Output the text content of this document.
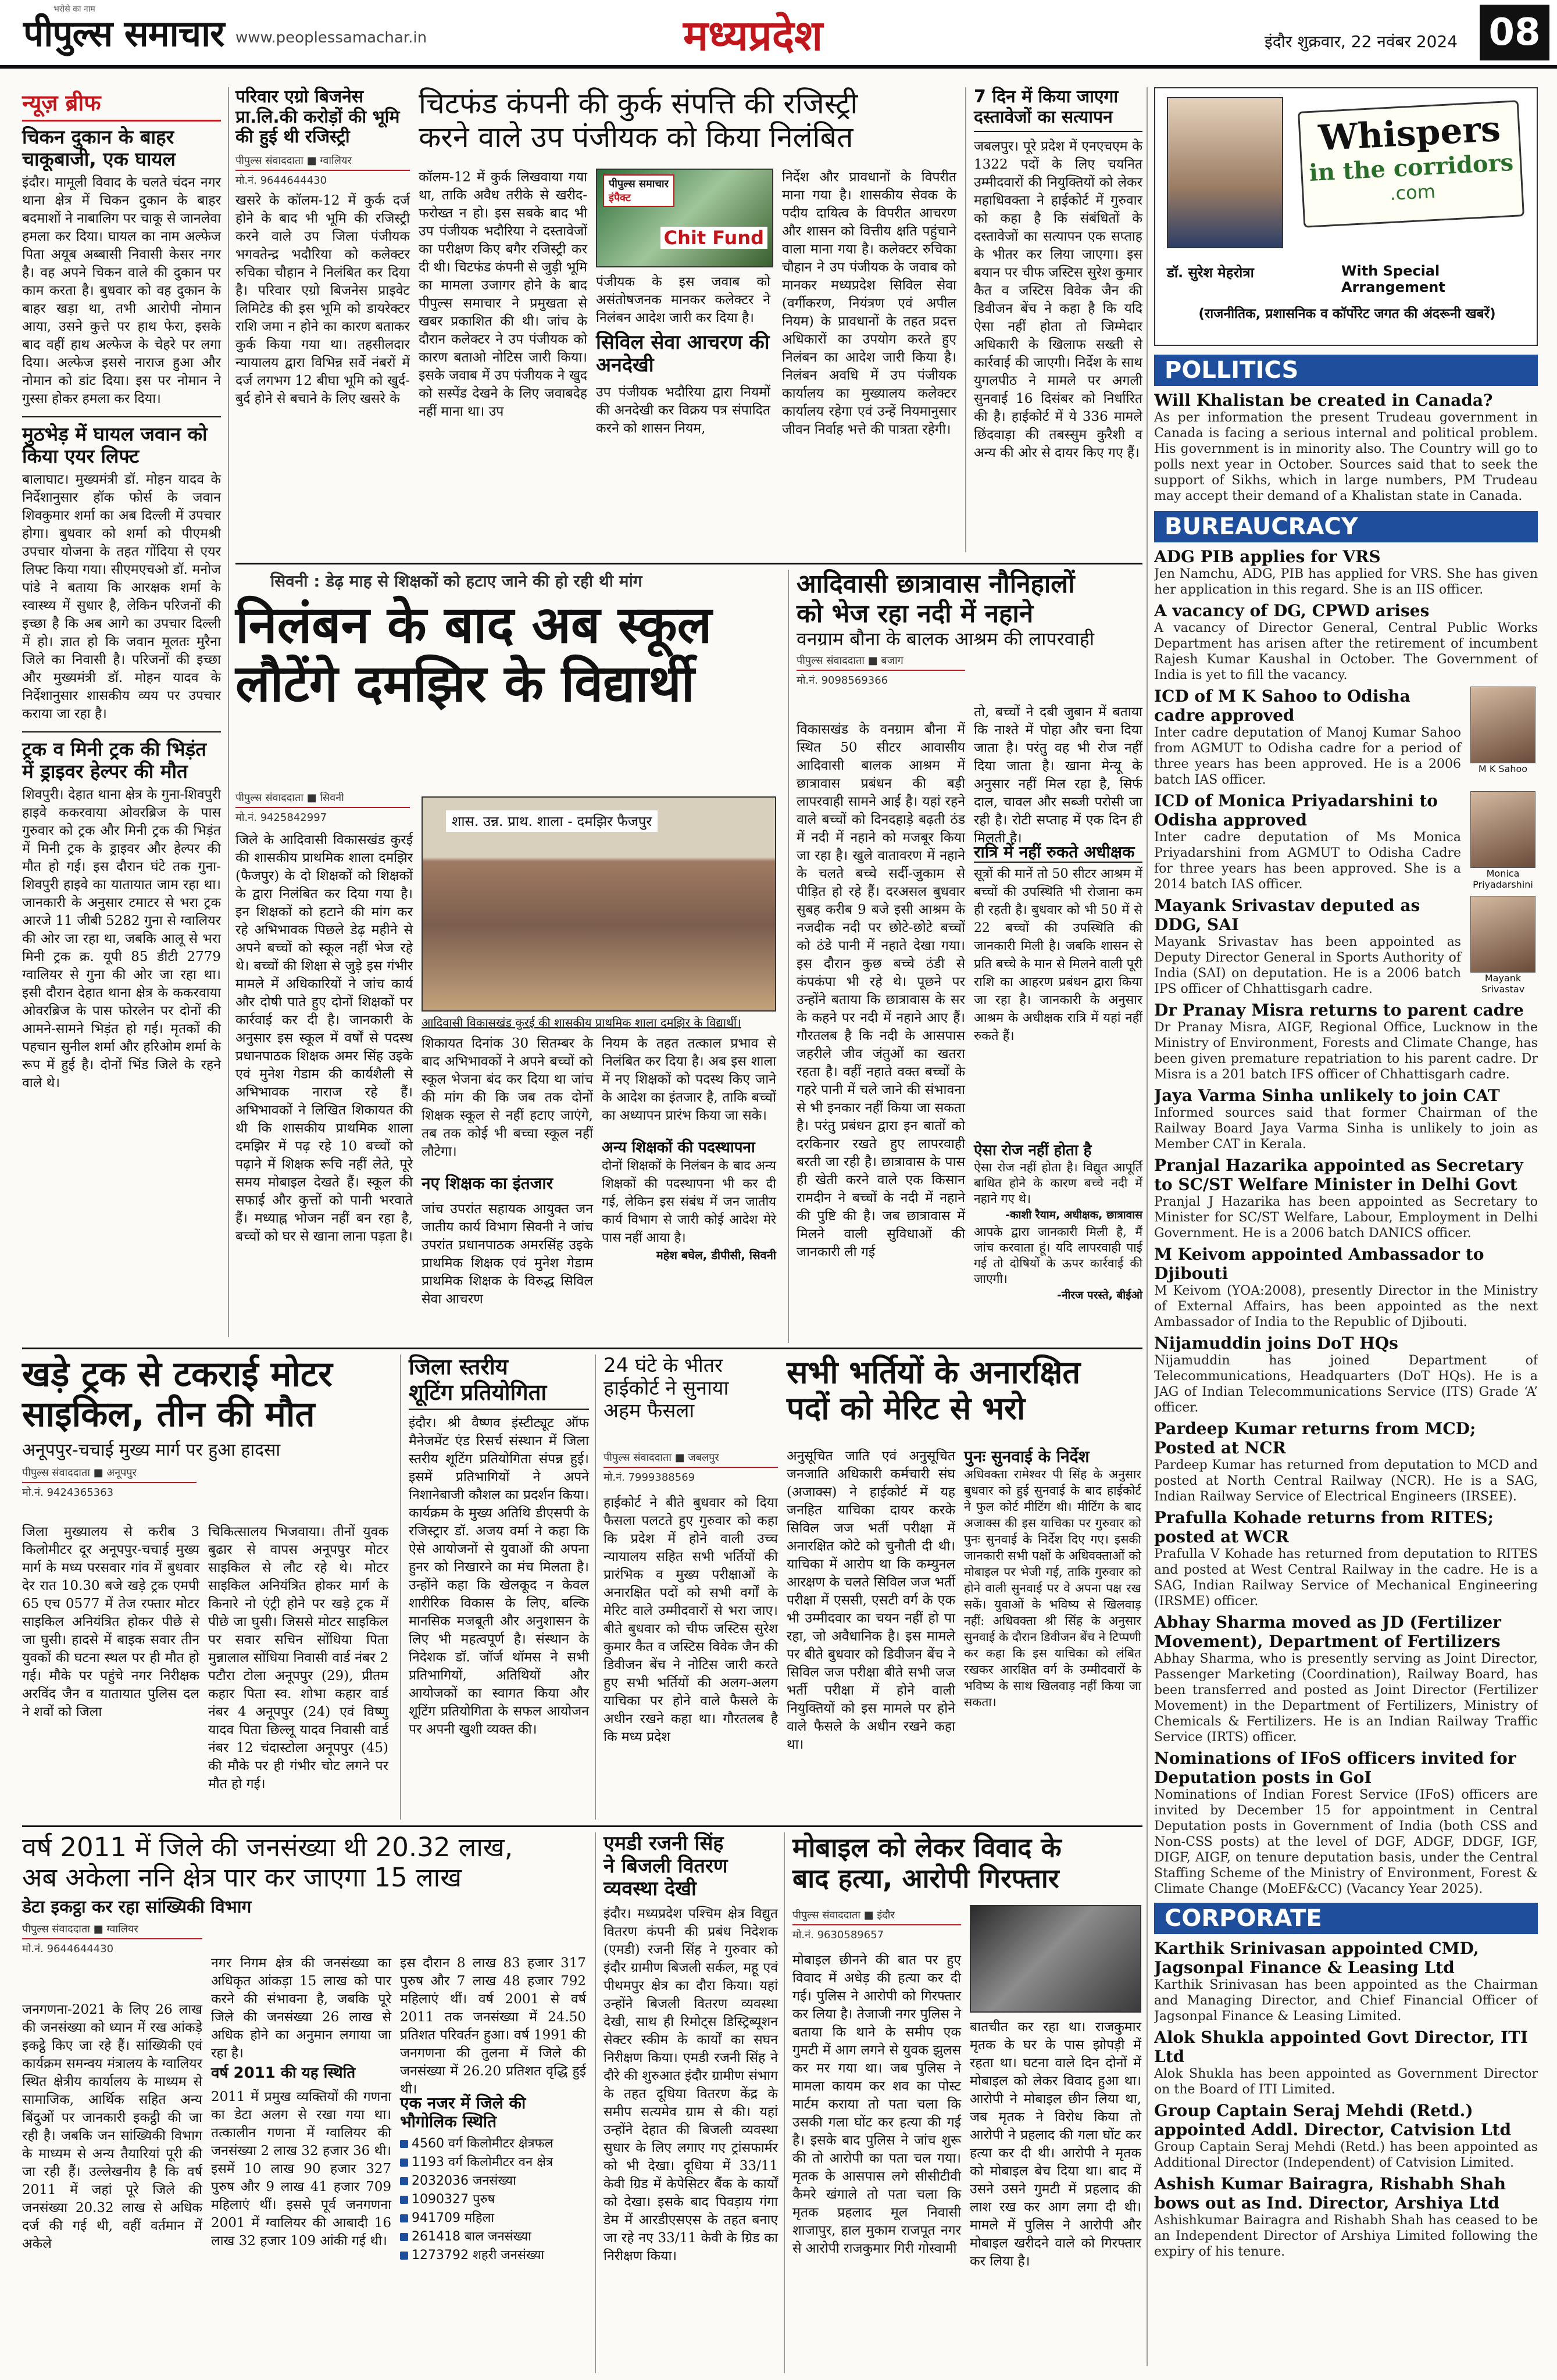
भरोसे का नाम
पीपुल्स समाचार www.peoplessamachar.in	मध्यप्रदेश	इंदौर शुक्रवार, 22 नवंबर 2024 08
न्यूज़ ब्रीफ
चिकन दुकान के बाहर चाकूबाजी, एक घायल
इंदौर। मामूली विवाद के चलते चंदन नगर थाना क्षेत्र में चिकन दुकान के बाहर बदमाशों ने नाबालिग पर चाकू से जानलेवा हमला कर दिया। घायल का नाम अल्फेज पिता अयूब अब्बासी निवासी केसर नगर है। वह अपने चिकन वाले की दुकान पर काम करता है। बुधवार को वह दुकान के बाहर खड़ा था, तभी आरोपी नोमान आया, उसने कुत्ते पर हाथ फेरा, इसके बाद वहीं हाथ अल्फेज के चेहरे पर लगा दिया। अल्फेज इससे नाराज हुआ और नोमान को डांट दिया। इस पर नोमान ने गुस्सा होकर हमला कर दिया।
मुठभेड़ में घायल जवान को किया एयर लिफ्ट
बालाघाट। मुख्यमंत्री डॉ. मोहन यादव के निर्देशानुसार हॉक फोर्स के जवान शिवकुमार शर्मा का अब दिल्ली में उपचार होगा। बुधवार को शर्मा को पीएमश्री उपचार योजना के तहत गोंदिया से एयर लिफ्ट किया गया। सीएमएचओ डॉ. मनोज पांडे ने बताया कि आरक्षक शर्मा के स्वास्थ्य में सुधार है, लेकिन परिजनों की इच्छा है कि अब आगे का उपचार दिल्ली में हो। ज्ञात हो कि जवान मूलतः मुरैना जिले का निवासी है। परिजनों की इच्छा और मुख्यमंत्री डॉ. मोहन यादव के निर्देशानुसार शासकीय व्यय पर उपचार कराया जा रहा है।
ट्रक व मिनी ट्रक की भिड़ंत में ड्राइवर हेल्पर की मौत
शिवपुरी। देहात थाना क्षेत्र के गुना-शिवपुरी हाइवे ककरवाया ओवरब्रिज के पास गुरुवार को ट्रक और मिनी ट्रक की भिड़ंत में मिनी ट्रक के ड्राइवर और हेल्पर की मौत हो गई। इस दौरान घंटे तक गुना-शिवपुरी हाइवे का यातायात जाम रहा था। जानकारी के अनुसार टमाटर से भरा ट्रक आरजे 11 जीबी 5282 गुना से ग्वालियर की ओर जा रहा था, जबकि आलू से भरा मिनी ट्रक क्र. यूपी 85 डीटी 2779 ग्वालियर से गुना की ओर जा रहा था। इसी दौरान देहात थाना क्षेत्र के ककरवाया ओवरब्रिज के पास फोरलेन पर दोनों की आमने-सामने भिड़ंत हो गई। मृतकों की पहचान सुनील शर्मा और हरिओम शर्मा के रूप में हुई है। दोनों भिंड जिले के रहने वाले थे।
परिवार एग्रो बिजनेस प्रा.लि.की करोड़ों की भूमि की हुई थी रजिस्ट्री
पीपुल्स संवाददाता ■ ग्वालियर
मो.नं. 9644644430
खसरे के कॉलम-12 में कुर्क दर्ज होने के बाद भी भूमि की रजिस्ट्री करने वाले उप जिला पंजीयक भगवतेन्द्र भदौरिया को कलेक्टर रुचिका चौहान ने निलंबित कर दिया है। परिवार एग्रो बिजनेस प्राइवेट लिमिटेड की इस भूमि को डायरेक्टर राशि जमा न होने का कारण बताकर कुर्क किया गया था। तहसीलदार न्यायालय द्वारा विभिन्न सर्वे नंबरों में दर्ज लगभग 12 बीघा भूमि को खुर्द-बुर्द होने से बचाने के लिए खसरे के
चिटफंड कंपनी की कुर्क संपत्ति की रजिस्ट्री
करने वाले उप पंजीयक को किया निलंबित
कॉलम-12 में कुर्क लिखवाया गया था, ताकि अवैध तरीके से खरीद-फरोख्त न हो। इस सबके बाद भी उप पंजीयक भदौरिया ने दस्तावेजों का परीक्षण किए बगैर रजिस्ट्री कर दी थी। चिटफंड कंपनी से जुड़ी भूमि का मामला उजागर होने के बाद पीपुल्स समाचार ने प्रमुखता से खबर प्रकाशित की थी। जांच के दौरान कलेक्टर ने उप पंजीयक को कारण बताओ नोटिस जारी किया। इसके जवाब में उप पंजीयक ने खुद को सस्पेंड देखने के लिए जवाबदेह नहीं माना था। उप
Chit Fund
पीपुल्स समाचार
इंपैक्ट
पंजीयक के इस जवाब को असंतोषजनक मानकर कलेक्टर ने निलंबन आदेश जारी कर दिया है।
सिविल सेवा आचरण की अनदेखी
उप पंजीयक भदौरिया द्वारा नियमों की अनदेखी कर विक्रय पत्र संपादित करने को शासन नियम,
निर्देश और प्रावधानों के विपरीत माना गया है। शासकीय सेवक के पदीय दायित्व के विपरीत आचरण और शासन को वित्तीय क्षति पहुंचाने वाला माना गया है। कलेक्टर रुचिका चौहान ने उप पंजीयक के जवाब को मानकर मध्यप्रदेश सिविल सेवा (वर्गीकरण, नियंत्रण एवं अपील नियम) के प्रावधानों के तहत प्रदत्त अधिकारों का उपयोग करते हुए निलंबन का आदेश जारी किया है। निलंबन अवधि में उप पंजीयक कार्यालय का मुख्यालय कलेक्टर कार्यालय रहेगा एवं उन्हें नियमानुसार जीवन निर्वाह भत्ते की पात्रता रहेगी।
7 दिन में किया जाएगा दस्तावेजों का सत्यापन
जबलपुर। पूरे प्रदेश में एनएचएम के 1322 पदों के लिए चयनित उम्मीदवारों की नियुक्तियों को लेकर महाधिवक्ता ने हाईकोर्ट में गुरुवार को कहा है कि संबंधितों के दस्तावेजों का सत्यापन एक सप्ताह के भीतर कर लिया जाएगा। इस बयान पर चीफ जस्टिस सुरेश कुमार कैत व जस्टिस विवेक जैन की डिवीजन बेंच ने कहा है कि यदि ऐसा नहीं होता तो जिम्मेदार अधिकारी के खिलाफ सख्ती से कार्रवाई की जाएगी। निर्देश के साथ युगलपीठ ने मामले पर अगली सुनवाई 16 दिसंबर को निर्धारित की है। हाईकोर्ट में ये 336 मामले छिंदवाड़ा की तबस्सुम कुरैशी व अन्य की ओर से दायर किए गए हैं।
Whispers
in the corridors
.com
डॉ. सुरेश मेहरोत्रा	With Special Arrangement
(राजनीतिक, प्रशासनिक व कॉर्पोरेट जगत की अंदरूनी खबरें)
POLLITICS
Will Khalistan be created in Canada?
As per information the present Trudeau government in Canada is facing a serious internal and political problem. His government is in minority also. The Country will go to polls next year in October. Sources said that to seek the support of Sikhs, which in large numbers, PM Trudeau may accept their demand of a Khalistan state in Canada.
BUREAUCRACY
ADG PIB applies for VRS
Jen Namchu, ADG, PIB has applied for VRS. She has given her application in this regard. She is an IIS officer.
A vacancy of DG, CPWD arises
A vacancy of Director General, Central Public Works Department has arisen after the retirement of incumbent Rajesh Kumar Kaushal in October. The Government of India is yet to fill the vacancy.
ICD of M K Sahoo to Odisha cadre approved
Inter cadre deputation of Manoj Kumar Sahoo from AGMUT to Odisha cadre for a period of three years has been approved. He is a 2006 batch IAS officer.
M K Sahoo
ICD of Monica Priyadarshini to Odisha approved
Inter cadre deputation of Ms Monica Priyadarshini from AGMUT to Odisha Cadre for three years has been approved. She is a 2014 batch IAS officer.
Monica Priyadarshini
Mayank Srivastav deputed as DDG, SAI
Mayank Srivastav has been appointed as Deputy Director General in Sports Authority of India (SAI) on deputation. He is a 2006 batch IPS officer of Chhattisgarh cadre.
Mayank Srivastav
Dr Pranay Misra returns to parent cadre
Dr Pranay Misra, AIGF, Regional Office, Lucknow in the Ministry of Environment, Forests and Climate Change, has been given premature repatriation to his parent cadre. Dr Misra is a 201 batch IFS officer of Chhattisgarh cadre.
Jaya Varma Sinha unlikely to join CAT
Informed sources said that former Chairman of the Railway Board Jaya Varma Sinha is unlikely to join as Member CAT in Kerala.
Pranjal Hazarika appointed as Secretary to SC/ST Welfare Minister in Delhi Govt
Pranjal J Hazarika has been appointed as Secretary to Minister for SC/ST Welfare, Labour, Employment in Delhi Government. He is a 2006 batch DANICS officer.
M Keivom appointed Ambassador to Djibouti
M Keivom (YOA:2008), presently Director in the Ministry of External Affairs, has been appointed as the next Ambassador of India to the Republic of Djibouti.
Nijamuddin joins DoT HQs
Nijamuddin has joined Department of Telecommunications, Headquarters (DoT HQs). He is a JAG of Indian Telecommunications Service (ITS) Grade ‘A’ officer.
Pardeep Kumar returns from MCD; Posted at NCR
Pardeep Kumar has returned from deputation to MCD and posted at North Central Railway (NCR). He is a SAG, Indian Railway Service of Electrical Engineers (IRSEE).
Prafulla Kohade returns from RITES; posted at WCR
Prafulla V Kohade has returned from deputation to RITES and posted at West Central Railway in the cadre. He is a SAG, Indian Railway Service of Mechanical Engineering (IRSME) officer.
Abhay Sharma moved as JD (Fertilizer Movement), Department of Fertilizers
Abhay Sharma, who is presently serving as Joint Director, Passenger Marketing (Coordination), Railway Board, has been transferred and posted as Joint Director (Fertilizer Movement) in the Department of Fertilizers, Ministry of Chemicals & Fertilizers. He is an Indian Railway Traffic Service (IRTS) officer.
Nominations of IFoS officers invited for Deputation posts in GoI
Nominations of Indian Forest Service (IFoS) officers are invited by December 15 for appointment in Central Deputation posts in Government of India (both CSS and Non-CSS posts) at the level of DGF, ADGF, DDGF, IGF, DIGF, AIGF, on tenure deputation basis, under the Central Staffing Scheme of the Ministry of Environment, Forest & Climate Change (MoEF&CC) (Vacancy Year 2025).
CORPORATE
Karthik Srinivasan appointed CMD, Jagsonpal Finance & Leasing Ltd
Karthik Srinivasan has been appointed as the Chairman and Managing Director, and Chief Financial Officer of Jagsonpal Finance & Leasing Limited.
Alok Shukla appointed Govt Director, ITI Ltd
Alok Shukla has been appointed as Government Director on the Board of ITI Limited.
Group Captain Seraj Mehdi (Retd.) appointed Addl. Director, Catvision Ltd
Group Captain Seraj Mehdi (Retd.) has been appointed as Additional Director (Independent) of Catvision Limited.
Ashish Kumar Bairagra, Rishabh Shah bows out as Ind. Director, Arshiya Ltd
Ashishkumar Bairagra and Rishabh Shah has ceased to be an Independent Director of Arshiya Limited following the expiry of his tenure.
सिवनी : डेढ़ माह से शिक्षकों को हटाए जाने की हो रही थी मांग
निलंबन के बाद अब स्कूल
लौटेंगे दमझिर के विद्यार्थी
पीपुल्स संवाददाता ■ सिवनी
मो.नं. 9425842997
जिले के आदिवासी विकासखंड कुरई की शासकीय प्राथमिक शाला दमझिर (फैजपुर) के दो शिक्षकों को शिक्षकों के द्वारा निलंबित कर दिया गया है। इन शिक्षकों को हटाने की मांग कर रहे अभिभावक पिछले डेढ़ महीने से अपने बच्चों को स्कूल नहीं भेज रहे थे। बच्चों की शिक्षा से जुड़े इस गंभीर मामले में अधिकारियों ने जांच कार्य और दोषी पाते हुए दोनों शिक्षकों पर कार्रवाई कर दी है। जानकारी के अनुसार इस स्कूल में वर्षों से पदस्थ प्रधानपाठक शिक्षक अमर सिंह उइके एवं मुनेश गेडाम की कार्यशैली से अभिभावक नाराज रहे हैं। अभिभावकों ने लिखित शिकायत की थी कि शासकीय प्राथमिक शाला दमझिर में पढ़ रहे 10 बच्चों को पढ़ाने में शिक्षक रूचि नहीं लेते, पूरे समय मोबाइल देखते हैं। स्कूल की सफाई और कुत्तों को पानी भरवाते हैं। मध्याह्न भोजन नहीं बन रहा है, बच्चों को घर से खाना लाना पड़ता है।
शास. उन्न. प्राथ. शाला - दमझिर फैजपुर
आदिवासी विकासखंड कुरई की शासकीय प्राथमिक शाला दमझिर के विद्यार्थी।
शिकायत दिनांक 30 सितम्बर के बाद अभिभावकों ने अपने बच्चों को स्कूल भेजना बंद कर दिया था जांच की मांग की कि जब तक दोनों शिक्षक स्कूल से नहीं हटाए जाएंगे, तब तक कोई भी बच्चा स्कूल नहीं लौटेगा।
नए शिक्षक का इंतजार
जांच उपरांत सहायक आयुक्त जन जातीय कार्य विभाग सिवनी ने जांच उपरांत प्रधानपाठक अमरसिंह उइके प्राथमिक शिक्षक एवं मुनेश गेडाम प्राथमिक शिक्षक के विरुद्ध सिविल सेवा आचरण
नियम के तहत तत्काल प्रभाव से निलंबित कर दिया है। अब इस शाला में नए शिक्षकों को पदस्थ किए जाने के आदेश का इंतजार है, ताकि बच्चों का अध्यापन प्रारंभ किया जा सके।
अन्य शिक्षकों की पदस्थापना
दोनों शिक्षकों के निलंबन के बाद अन्य शिक्षकों की पदस्थापना भी कर दी गई, लेकिन इस संबंध में जन जातीय कार्य विभाग से जारी कोई आदेश मेरे पास नहीं आया है।
महेश बघेल, डीपीसी, सिवनी
आदिवासी छात्रावास नौनिहालों
को भेज रहा नदी में नहाने
वनग्राम बौना के बालक आश्रम की लापरवाही
पीपुल्स संवाददाता ■ बजाग
मो.नं. 9098569366
विकासखंड के वनग्राम बौना में स्थित 50 सीटर आवासीय आदिवासी बालक आश्रम में छात्रावास प्रबंधन की बड़ी लापरवाही सामने आई है। यहां रहने वाले बच्चों को दिनदहाड़े बढ़ती ठंड में नदी में नहाने को मजबूर किया जा रहा है। खुले वातावरण में नहाने के चलते बच्चे सर्दी-जुकाम से पीड़ित हो रहे हैं। दरअसल बुधवार सुबह करीब 9 बजे इसी आश्रम के नजदीक नदी पर छोटे-छोटे बच्चों को ठंडे पानी में नहाते देखा गया। इस दौरान कुछ बच्चे ठंडी से कंपकंपा भी रहे थे। पूछने पर उन्होंने बताया कि छात्रावास के सर के कहने पर नदी में नहाने आए हैं। गौरतलब है कि नदी के आसपास जहरीले जीव जंतुओं का खतरा रहता है। वहीं नहाते वक्त बच्चों के गहरे पानी में चले जाने की संभावना से भी इनकार नहीं किया जा सकता है। परंतु प्रबंधन द्वारा इन बातों को दरकिनार रखते हुए लापरवाही बरती जा रही है। छात्रावास के पास ही खेती करने वाले एक किसान रामदीन ने बच्चों के नदी में नहाने की पुष्टि की है। जब छात्रावास में मिलने वाली सुविधाओं की जानकारी ली गई
तो, बच्चों ने दबी जुबान में बताया कि नाश्ते में पोहा और चना दिया जाता है। परंतु वह भी रोज नहीं दिया जाता है। खाना मेन्यू के अनुसार नहीं मिल रहा है, सिर्फ दाल, चावल और सब्जी परोसी जा रही है। रोटी सप्ताह में एक दिन ही मिलती है।
रात्रि में नहीं रुकते अधीक्षक
सूत्रों की मानें तो 50 सीटर आश्रम में बच्चों की उपस्थिति भी रोजाना कम ही रहती है। बुधवार को भी 50 में से 22 बच्चों की उपस्थिति की जानकारी मिली है। जबकि शासन से प्रति बच्चे के मान से मिलने वाली पूरी राशि का आहरण प्रबंधन द्वारा किया जा रहा है। जानकारी के अनुसार आश्रम के अधीक्षक रात्रि में यहां नहीं रुकते हैं।
ऐसा रोज नहीं होता है
ऐसा रोज नहीं होता है। विद्युत आपूर्ति बाधित होने के कारण बच्चे नदी में नहाने गए थे।
-काशी रैयाम, अधीक्षक, छात्रावास
आपके द्वारा जानकारी मिली है, मैं जांच करवाता हूं। यदि लापरवाही पाई गई तो दोषियों के ऊपर कार्रवाई की जाएगी।
-नीरज परस्ते, बीईओ
खड़े ट्रक से टकराई मोटर
साइकिल, तीन की मौत
अनूपपुर-चचाई मुख्य मार्ग पर हुआ हादसा
पीपुल्स संवाददाता ■ अनूपपुर
मो.नं. 9424365363
जिला मुख्यालय से करीब 3 किलोमीटर दूर अनूपपुर-चचाई मुख्य मार्ग के मध्य परसवार गांव में बुधवार देर रात 10.30 बजे खड़े ट्रक एमपी 65 एच 0577 में तेज रफ्तार मोटर साइकिल अनियंत्रित होकर पीछे से जा घुसी। हादसे में बाइक सवार तीन युवकों की घटना स्थल पर ही मौत हो गई। मौके पर पहुंचे नगर निरीक्षक अरविंद जैन व यातायात पुलिस दल ने शवों को जिला
चिकित्सालय भिजवाया। तीनों युवक बुढार से वापस अनूपपुर मोटर साइकिल से लौट रहे थे। मोटर साइकिल अनियंत्रित होकर मार्ग के किनारे नो एंट्री होने पर खड़े ट्रक में पीछे जा घुसी। जिससे मोटर साइकिल पर सवार सचिन सोंधिया पिता मुन्नालाल सोंधिया निवासी वार्ड नंबर 2 पटौरा टोला अनूपपुर (29), प्रीतम कहार पिता स्व. शोभा कहार वार्ड नंबर 4 अनूपपुर (24) एवं विष्णु यादव पिता छिल्लू यादव निवासी वार्ड नंबर 12 चंदास्टोला अनूपपुर (45) की मौके पर ही गंभीर चोट लगने पर मौत हो गई।
जिला स्तरीय
शूटिंग प्रतियोगिता
इंदौर। श्री वैष्णव इंस्टीट्यूट ऑफ मैनेजमेंट एंड रिसर्च संस्थान में जिला स्तरीय शूटिंग प्रतियोगिता संपन्न हुई। इसमें प्रतिभागियों ने अपने निशानेबाजी कौशल का प्रदर्शन किया। कार्यक्रम के मुख्य अतिथि डीएसपी के रजिस्ट्रार डॉ. अजय वर्मा ने कहा कि ऐसे आयोजनों से युवाओं की अपना हुनर को निखारने का मंच मिलता है। उन्होंने कहा कि खेलकूद न केवल शारीरिक विकास के लिए, बल्कि मानसिक मजबूती और अनुशासन के लिए भी महत्वपूर्ण है। संस्थान के निदेशक डॉ. जॉर्ज थॉमस ने सभी प्रतिभागियों, अतिथियों और आयोजकों का स्वागत किया और शूटिंग प्रतियोगिता के सफल आयोजन पर अपनी खुशी व्यक्त की।
24 घंटे के भीतर
हाईकोर्ट ने सुनाया
अहम फैसला
सभी भर्तियों के अनारक्षित
पदों को मेरिट से भरो
पीपुल्स संवाददाता ■ जबलपुर
मो.नं. 7999388569
हाईकोर्ट ने बीते बुधवार को दिया फैसला पलटते हुए गुरुवार को कहा कि प्रदेश में होने वाली उच्च न्यायालय सहित सभी भर्तियों की प्रारंभिक व मुख्य परीक्षाओं के अनारक्षित पदों को सभी वर्गों के मेरिट वाले उम्मीदवारों से भरा जाए। बीते बुधवार को चीफ जस्टिस सुरेश कुमार कैत व जस्टिस विवेक जैन की डिवीजन बेंच ने नोटिस जारी करते हुए सभी भर्तियों की अलग-अलग याचिका पर होने वाले फैसले के अधीन रखने कहा था। गौरतलब है कि मध्य प्रदेश
अनुसूचित जाति एवं अनुसूचित जनजाति अधिकारी कर्मचारी संघ (अजाक्स) ने हाईकोर्ट में यह जनहित याचिका दायर करके सिविल जज भर्ती परीक्षा में अनारक्षित कोटे को चुनौती दी थी। याचिका में आरोप था कि कम्युनल आरक्षण के चलते सिविल जज भर्ती परीक्षा में एससी, एसटी वर्ग के एक भी उम्मीदवार का चयन नहीं हो पा रहा, जो अवैधानिक है। इस मामले पर बीते बुधवार को डिवीजन बेंच ने सिविल जज परीक्षा बीते सभी जज भर्ती परीक्षा में होने वाली नियुक्तियों को इस मामले पर होने वाले फैसले के अधीन रखने कहा था।
पुनः सुनवाई के निर्देश
अधिवक्ता रामेश्वर पी सिंह के अनुसार बुधवार को हुई सुनवाई के बाद हाईकोर्ट ने फुल कोर्ट मीटिंग थी। मीटिंग के बाद अजाक्स की इस याचिका पर गुरुवार को पुनः सुनवाई के निर्देश दिए गए। इसकी जानकारी सभी पक्षों के अधिवक्ताओं को मोबाइल पर भेजी गई, ताकि गुरुवार को होने वाली सुनवाई पर वे अपना पक्ष रख सकें। युवाओं के भविष्य से खिलवाड़ नहीं: अधिवक्ता श्री सिंह के अनुसार सुनवाई के दौरान डिवीजन बेंच ने टिप्पणी कर कहा कि इस याचिका को लंबित रखकर आरक्षित वर्ग के उम्मीदवारों के भविष्य के साथ खिलवाड़ नहीं किया जा सकता।
वर्ष 2011 में जिले की जनसंख्या थी 20.32 लाख,
अब अकेला ननि क्षेत्र पार कर जाएगा 15 लाख
डेटा इकट्ठा कर रहा सांख्यिकी विभाग
पीपुल्स संवाददाता ■ ग्वालियर
मो.नं. 9644644430
जनगणना-2021 के लिए 26 लाख की जनसंख्या को ध्यान में रख आंकड़े इकट्ठे किए जा रहे हैं। सांख्यिकी एवं कार्यक्रम समन्वय मंत्रालय के ग्वालियर स्थित क्षेत्रीय कार्यालय के माध्यम से सामाजिक, आर्थिक सहित अन्य बिंदुओं पर जानकारी इकट्ठी की जा रही है। जबकि जन सांख्यिकी विभाग के माध्यम से अन्य तैयारियां पूरी की जा रही हैं। उल्लेखनीय है कि वर्ष 2011 में जहां पूरे जिले की जनसंख्या 20.32 लाख से अधिक दर्ज की गई थी, वहीं वर्तमान में अकेले
नगर निगम क्षेत्र की जनसंख्या का अधिकृत आंकड़ा 15 लाख को पार करने की संभावना है, जबकि पूरे जिले की जनसंख्या 26 लाख से अधिक होने का अनुमान लगाया जा रहा है।
वर्ष 2011 की यह स्थिति
2011 में प्रमुख व्यक्तियों की गणना का डेटा अलग से रखा गया था। तत्कालीन गणना में ग्वालियर की जनसंख्या 2 लाख 32 हजार 36 थी। इसमें 10 लाख 90 हजार 327 पुरुष और 9 लाख 41 हजार 709 महिलाएं थीं। इससे पूर्व जनगणना 2001 में ग्वालियर की आबादी 16 लाख 32 हजार 109 आंकी गई थी।
इस दौरान 8 लाख 83 हजार 317 पुरुष और 7 लाख 48 हजार 792 महिलाएं थीं। वर्ष 2001 से वर्ष 2011 तक जनसंख्या में 24.50 प्रतिशत परिवर्तन हुआ। वर्ष 1991 की जनगणना की तुलना में जिले की जनसंख्या में 26.20 प्रतिशत वृद्धि हुई थी।
एक नजर में जिले की भौगोलिक स्थिति
4560 वर्ग किलोमीटर क्षेत्रफल
1193 वर्ग किलोमीटर वन क्षेत्र
2032036 जनसंख्या
1090327 पुरुष
941709 महिला
261418 बाल जनसंख्या
1273792 शहरी जनसंख्या
एमडी रजनी सिंह
ने बिजली वितरण
व्यवस्था देखी
इंदौर। मध्यप्रदेश पश्चिम क्षेत्र विद्युत वितरण कंपनी की प्रबंध निदेशक (एमडी) रजनी सिंह ने गुरुवार को इंदौर ग्रामीण बिजली सर्कल, महू एवं पीथमपुर क्षेत्र का दौरा किया। यहां उन्होंने बिजली वितरण व्यवस्था देखी, साथ ही रिमोट्स डिस्ट्रिब्यूशन सेक्टर स्कीम के कार्यों का सघन निरीक्षण किया। एमडी रजनी सिंह ने दौरे की शुरुआत इंदौर ग्रामीण संभाग के तहत दूधिया वितरण केंद्र के समीप सत्यमेव ग्राम से की। यहां उन्होंने देहात की बिजली व्यवस्था सुधार के लिए लगाए गए ट्रांसफार्मर को भी देखा। दूधिया में 33/11 केवी ग्रिड में केपेसिटर बैंक के कार्यों को देखा। इसके बाद पिवड़ाय गंगा डेम में आरडीएसएस के तहत बनाए जा रहे नए 33/11 केवी के ग्रिड का निरीक्षण किया।
मोबाइल को लेकर विवाद के
बाद हत्या, आरोपी गिरफ्तार
पीपुल्स संवाददाता ■ इंदौर
मो.नं. 9630589657
मोबाइल छीनने की बात पर हुए विवाद में अधेड़ की हत्या कर दी गई। पुलिस ने आरोपी को गिरफ्तार कर लिया है। तेजाजी नगर पुलिस ने बताया कि थाने के समीप एक गुमटी में आग लगने से युवक झुलस कर मर गया था। जब पुलिस ने मामला कायम कर शव का पोस्ट मार्टम कराया तो पता चला कि उसकी गला घोंट कर हत्या की गई है। इसके बाद पुलिस ने जांच शुरू की तो आरोपी का पता चल गया। मृतक के आसपास लगे सीसीटीवी कैमरे खंगाले तो पता चला कि मृतक प्रहलाद मूल निवासी शाजापुर, हाल मुकाम राजपूत नगर से आरोपी राजकुमार गिरी गोस्वामी
बातचीत कर रहा था। राजकुमार मृतक के घर के पास झोपड़ी में रहता था। घटना वाले दिन दोनों में मोबाइल को लेकर विवाद हुआ था। आरोपी ने मोबाइल छीन लिया था, जब मृतक ने विरोध किया तो आरोपी ने प्रहलाद की गला घोंट कर हत्या कर दी थी। आरोपी ने मृतक को मोबाइल बेच दिया था। बाद में उसने उसने गुमटी में प्रहलाद की लाश रख कर आग लगा दी थी। मामले में पुलिस ने आरोपी और मोबाइल खरीदने वाले को गिरफ्तार कर लिया है।
